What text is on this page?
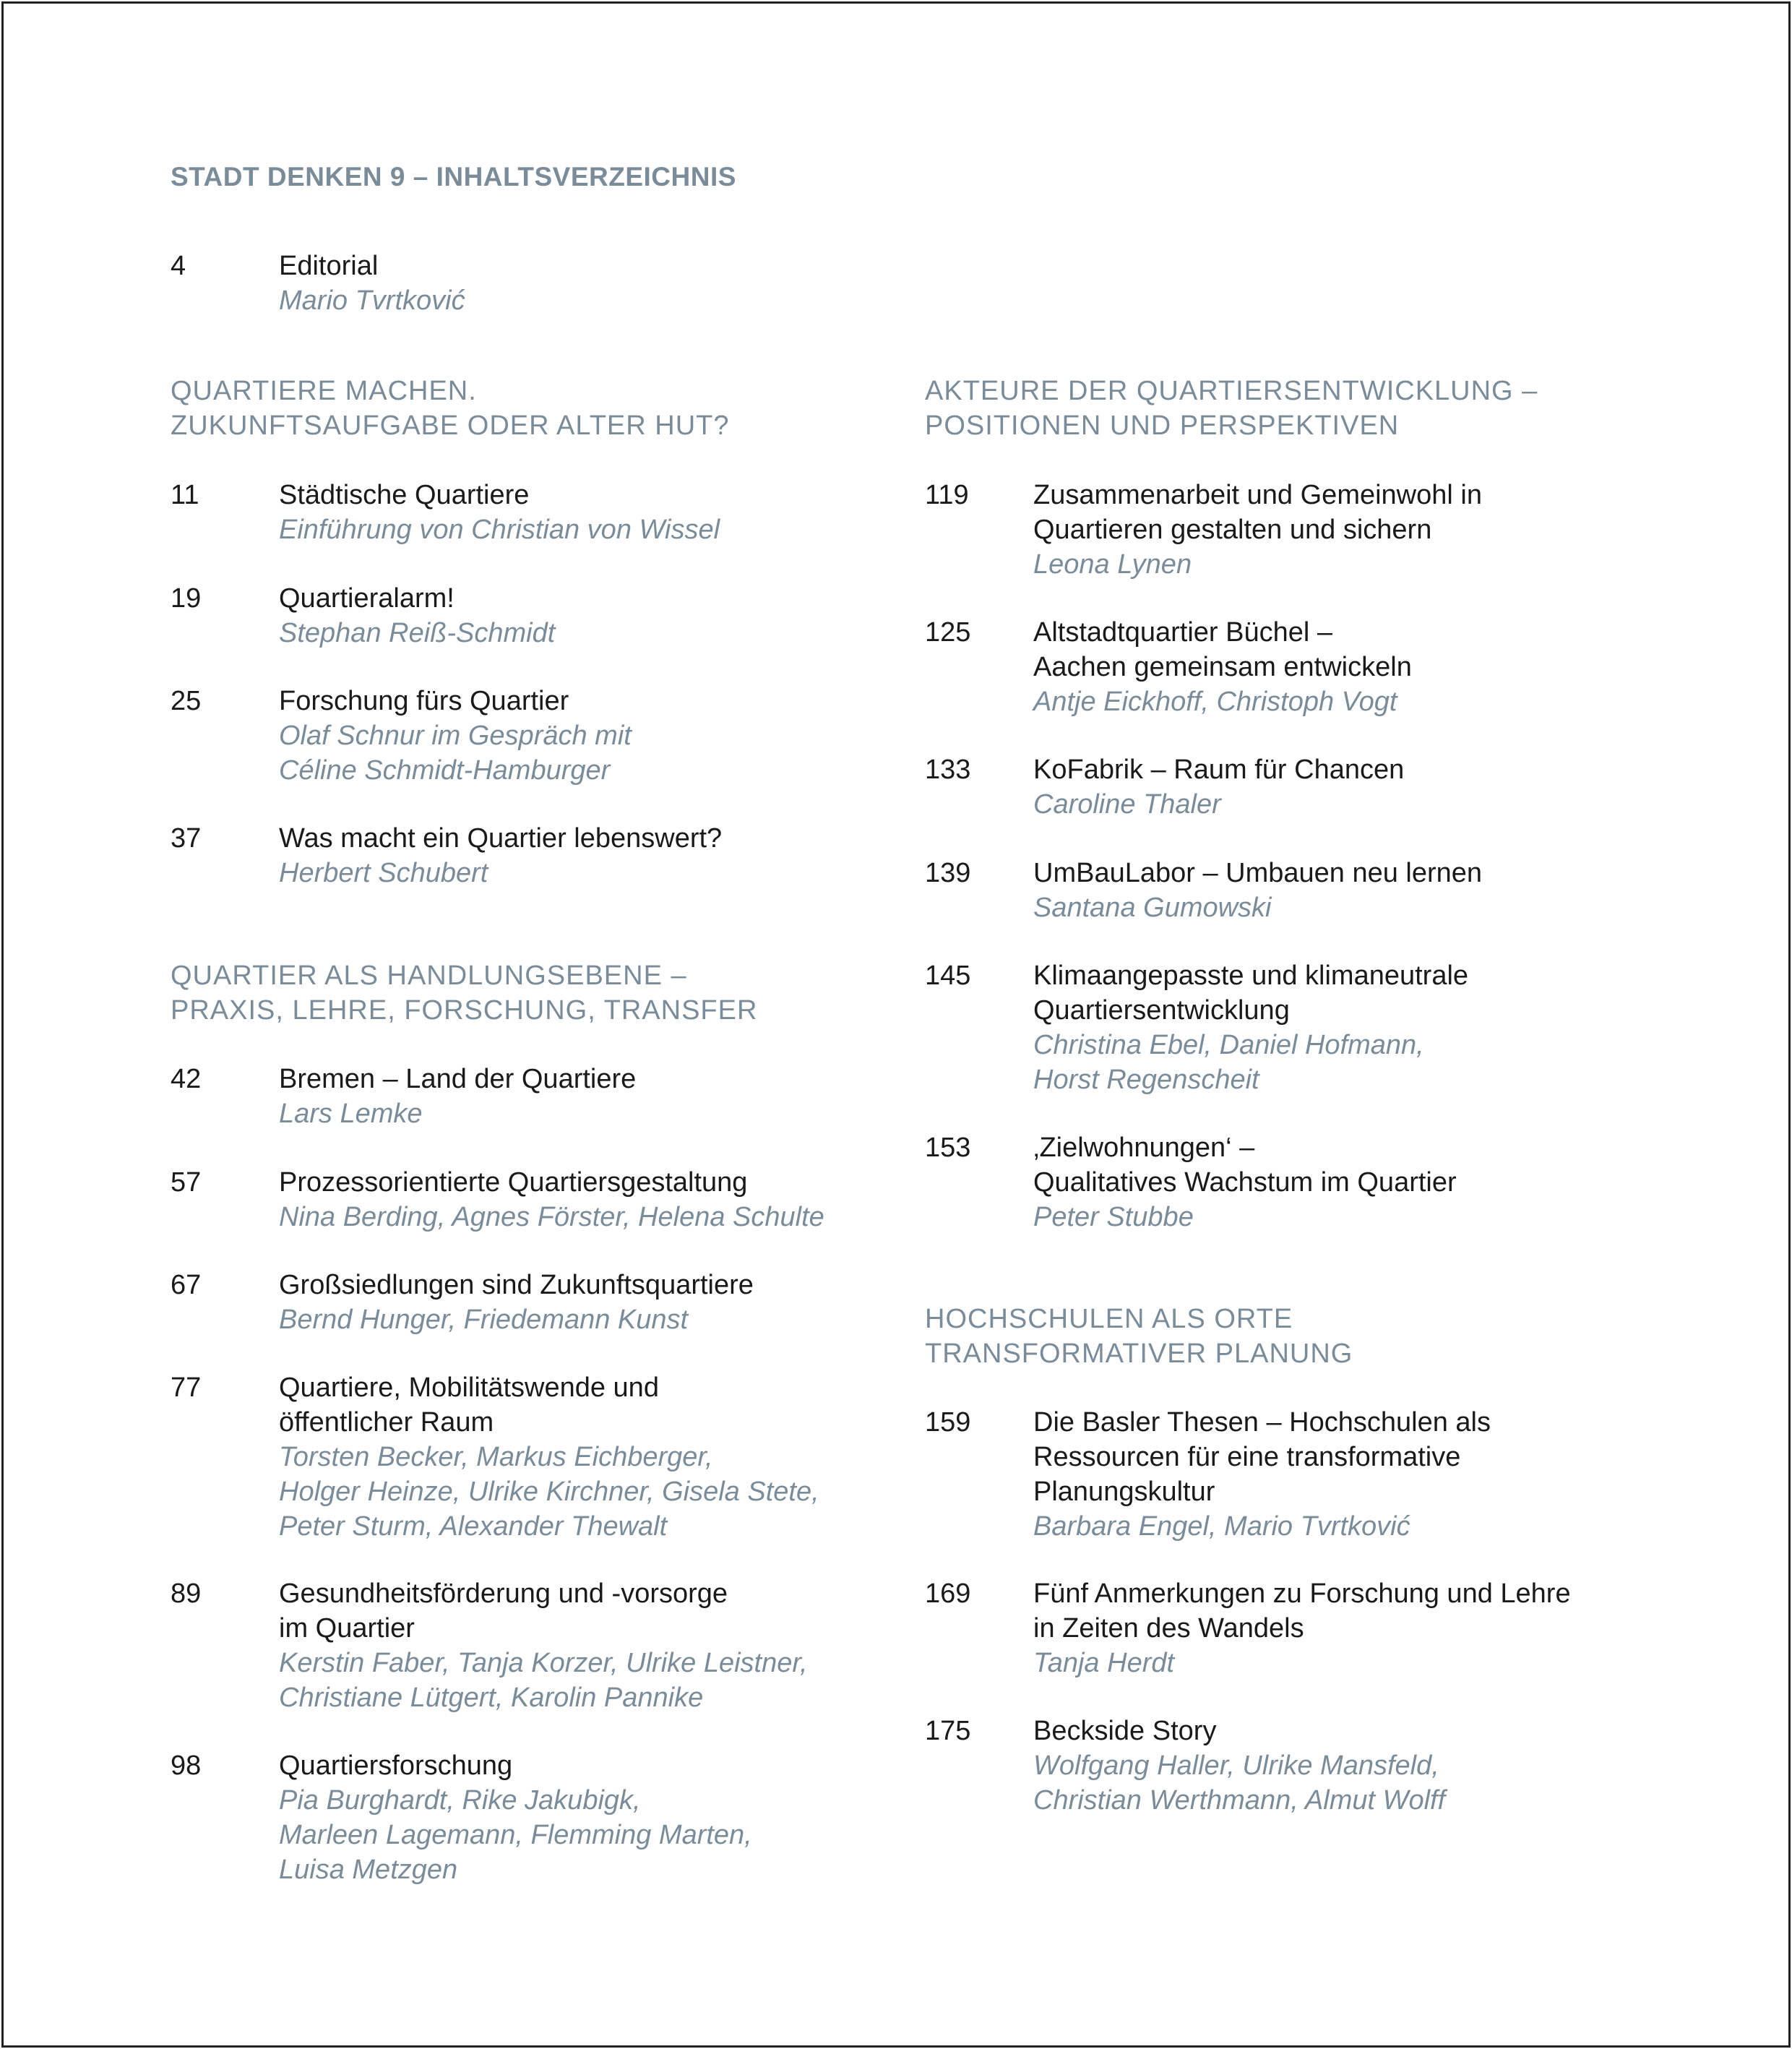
STADT DENKEN 9 – INHALTSVERZEICHNIS
4	Editorial
Mario Tvrtković
QUARTIERE MACHEN.
ZUKUNFTSAUFGABE ODER ALTER HUT?
11	Städtische Quartiere
Einführung von Christian von Wissel
19	Quartieralarm!
Stephan Reiß-Schmidt
25	Forschung fürs Quartier
Olaf Schnur im Gespräch mit
Céline Schmidt-Hamburger
37	Was macht ein Quartier lebenswert?
Herbert Schubert
QUARTIER ALS HANDLUNGSEBENE –
PRAXIS, LEHRE, FORSCHUNG, TRANSFER
42	Bremen – Land der Quartiere
Lars Lemke
57	Prozessorientierte Quartiersgestaltung
Nina Berding, Agnes Förster, Helena Schulte
67	Großsiedlungen sind Zukunftsquartiere
Bernd Hunger, Friedemann Kunst
77	Quartiere, Mobilitätswende und
öffentlicher Raum
Torsten Becker, Markus Eichberger,
Holger Heinze, Ulrike Kirchner, Gisela Stete,
Peter Sturm, Alexander Thewalt
89	Gesundheitsförderung und -vorsorge
im Quartier
Kerstin Faber, Tanja Korzer, Ulrike Leistner,
Christiane Lütgert, Karolin Pannike
98	Quartiersforschung
Pia Burghardt, Rike Jakubigk,
Marleen Lagemann, Flemming Marten,
Luisa Metzgen
AKTEURE DER QUARTIERSENTWICKLUNG –
POSITIONEN UND PERSPEKTIVEN
119 Zusammenarbeit und Gemeinwohl in
Quartieren gestalten und sichern
Leona Lynen
125 Altstadtquartier Büchel –
Aachen gemeinsam entwickeln
Antje Eickhoff, Christoph Vogt
133 KoFabrik – Raum für Chancen
Caroline Thaler
139 UmBauLabor – Umbauen neu lernen
Santana Gumowski
145 Klimaangepasste und klimaneutrale
Quartiersentwicklung
Christina Ebel, Daniel Hofmann,
Horst Regenscheit
153 ‚Zielwohnungen‘ –
Qualitatives Wachstum im Quartier
Peter Stubbe
HOCHSCHULEN ALS ORTE
TRANSFORMATIVER PLANUNG
159 Die Basler Thesen – Hochschulen als
Ressourcen für eine transformative
Planungskultur
Barbara Engel, Mario Tvrtković
169 Fünf Anmerkungen zu Forschung und Lehre
in Zeiten des Wandels
Tanja Herdt
175 Beckside Story
Wolfgang Haller, Ulrike Mansfeld,
Christian Werthmann, Almut Wolff
